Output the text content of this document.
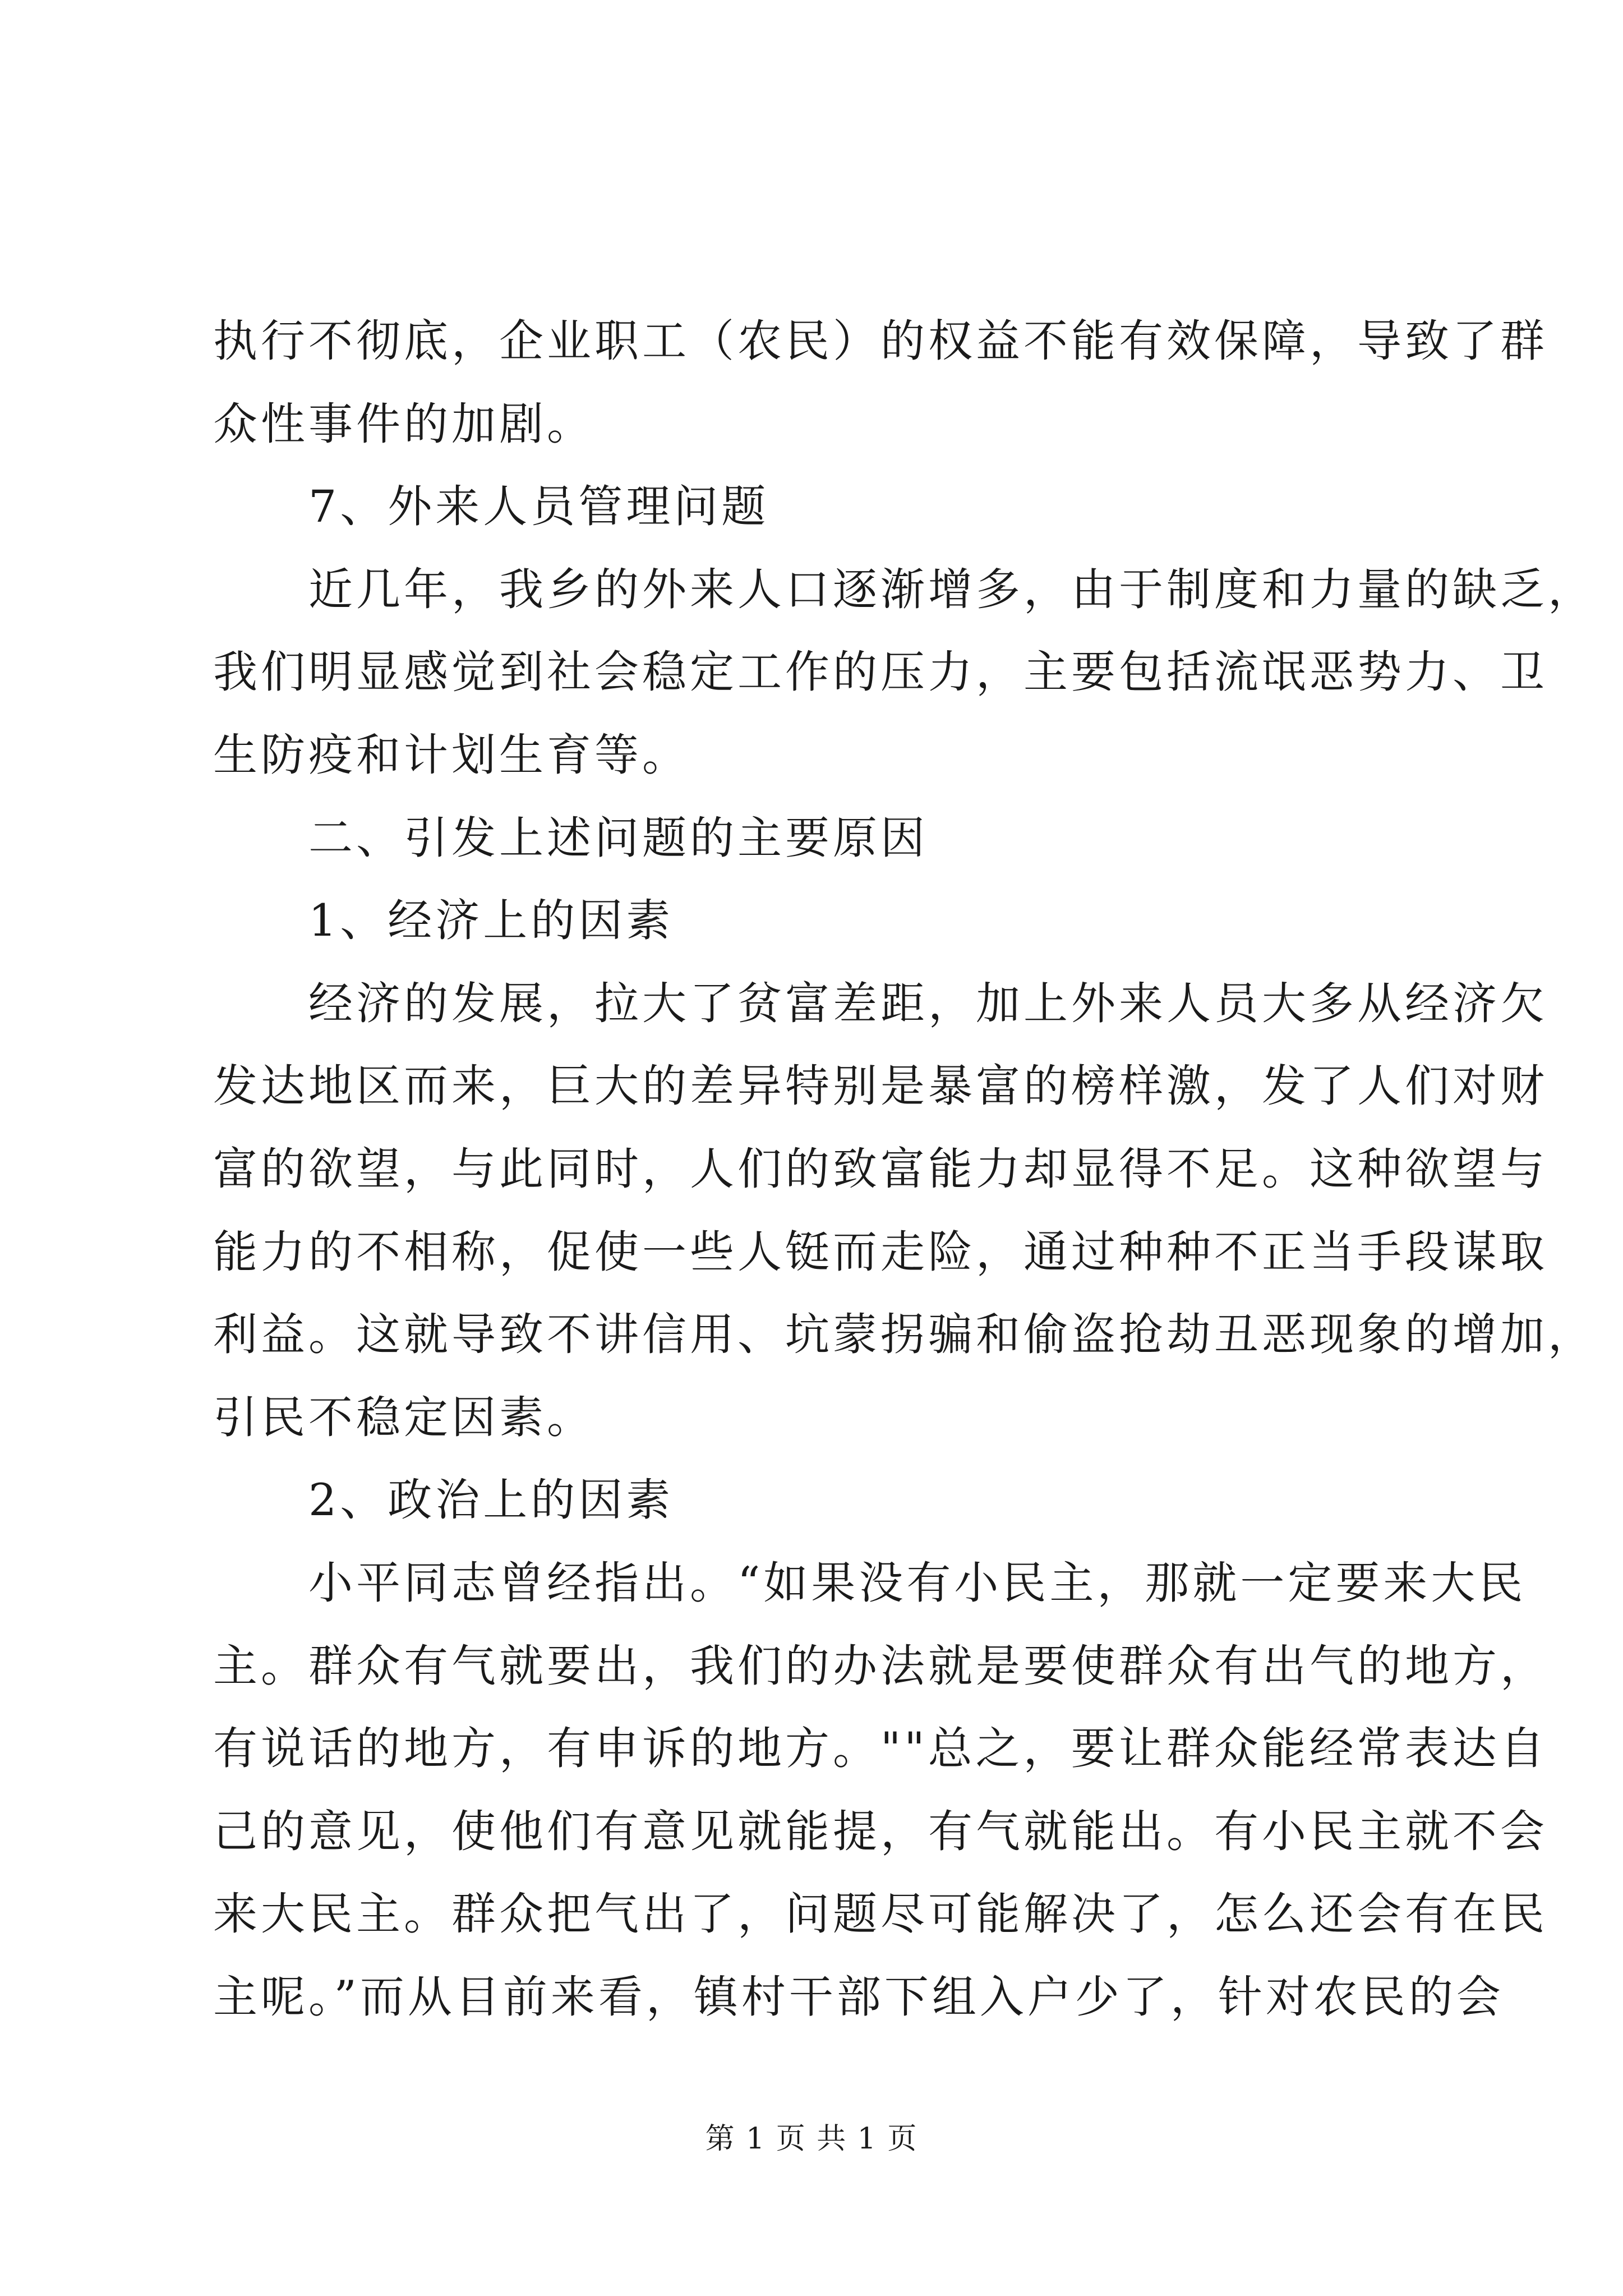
执行不彻底，企业职工（农民）的权益不能有效保障，导致了群
众性事件的加剧。
7、外来人员管理问题
近几年，我乡的外来人口逐渐增多，由于制度和力量的缺乏，
我们明显感觉到社会稳定工作的压力，主要包括流氓恶势力、卫
生防疫和计划生育等。
二、引发上述问题的主要原因
1、经济上的因素
经济的发展，拉大了贫富差距，加上外来人员大多从经济欠
发达地区而来，巨大的差异特别是暴富的榜样激，发了人们对财
富的欲望，与此同时，人们的致富能力却显得不足。这种欲望与
能力的不相称，促使一些人铤而走险，通过种种不正当手段谋取
利益。这就导致不讲信用、坑蒙拐骗和偷盗抢劫丑恶现象的增加，
引民不稳定因素。
2、政治上的因素
小平同志曾经指出。“如果没有小民主，那就一定要来大民
主。群众有气就要出，我们的办法就是要使群众有出气的地方，
有说话的地方，有申诉的地方。""总之，要让群众能经常表达自
己的意见，使他们有意见就能提，有气就能出。有小民主就不会
来大民主。群众把气出了，问题尽可能解决了，怎么还会有在民
主呢。”而从目前来看，镇村干部下组入户少了，针对农民的会
第 1 页 共 1 页
